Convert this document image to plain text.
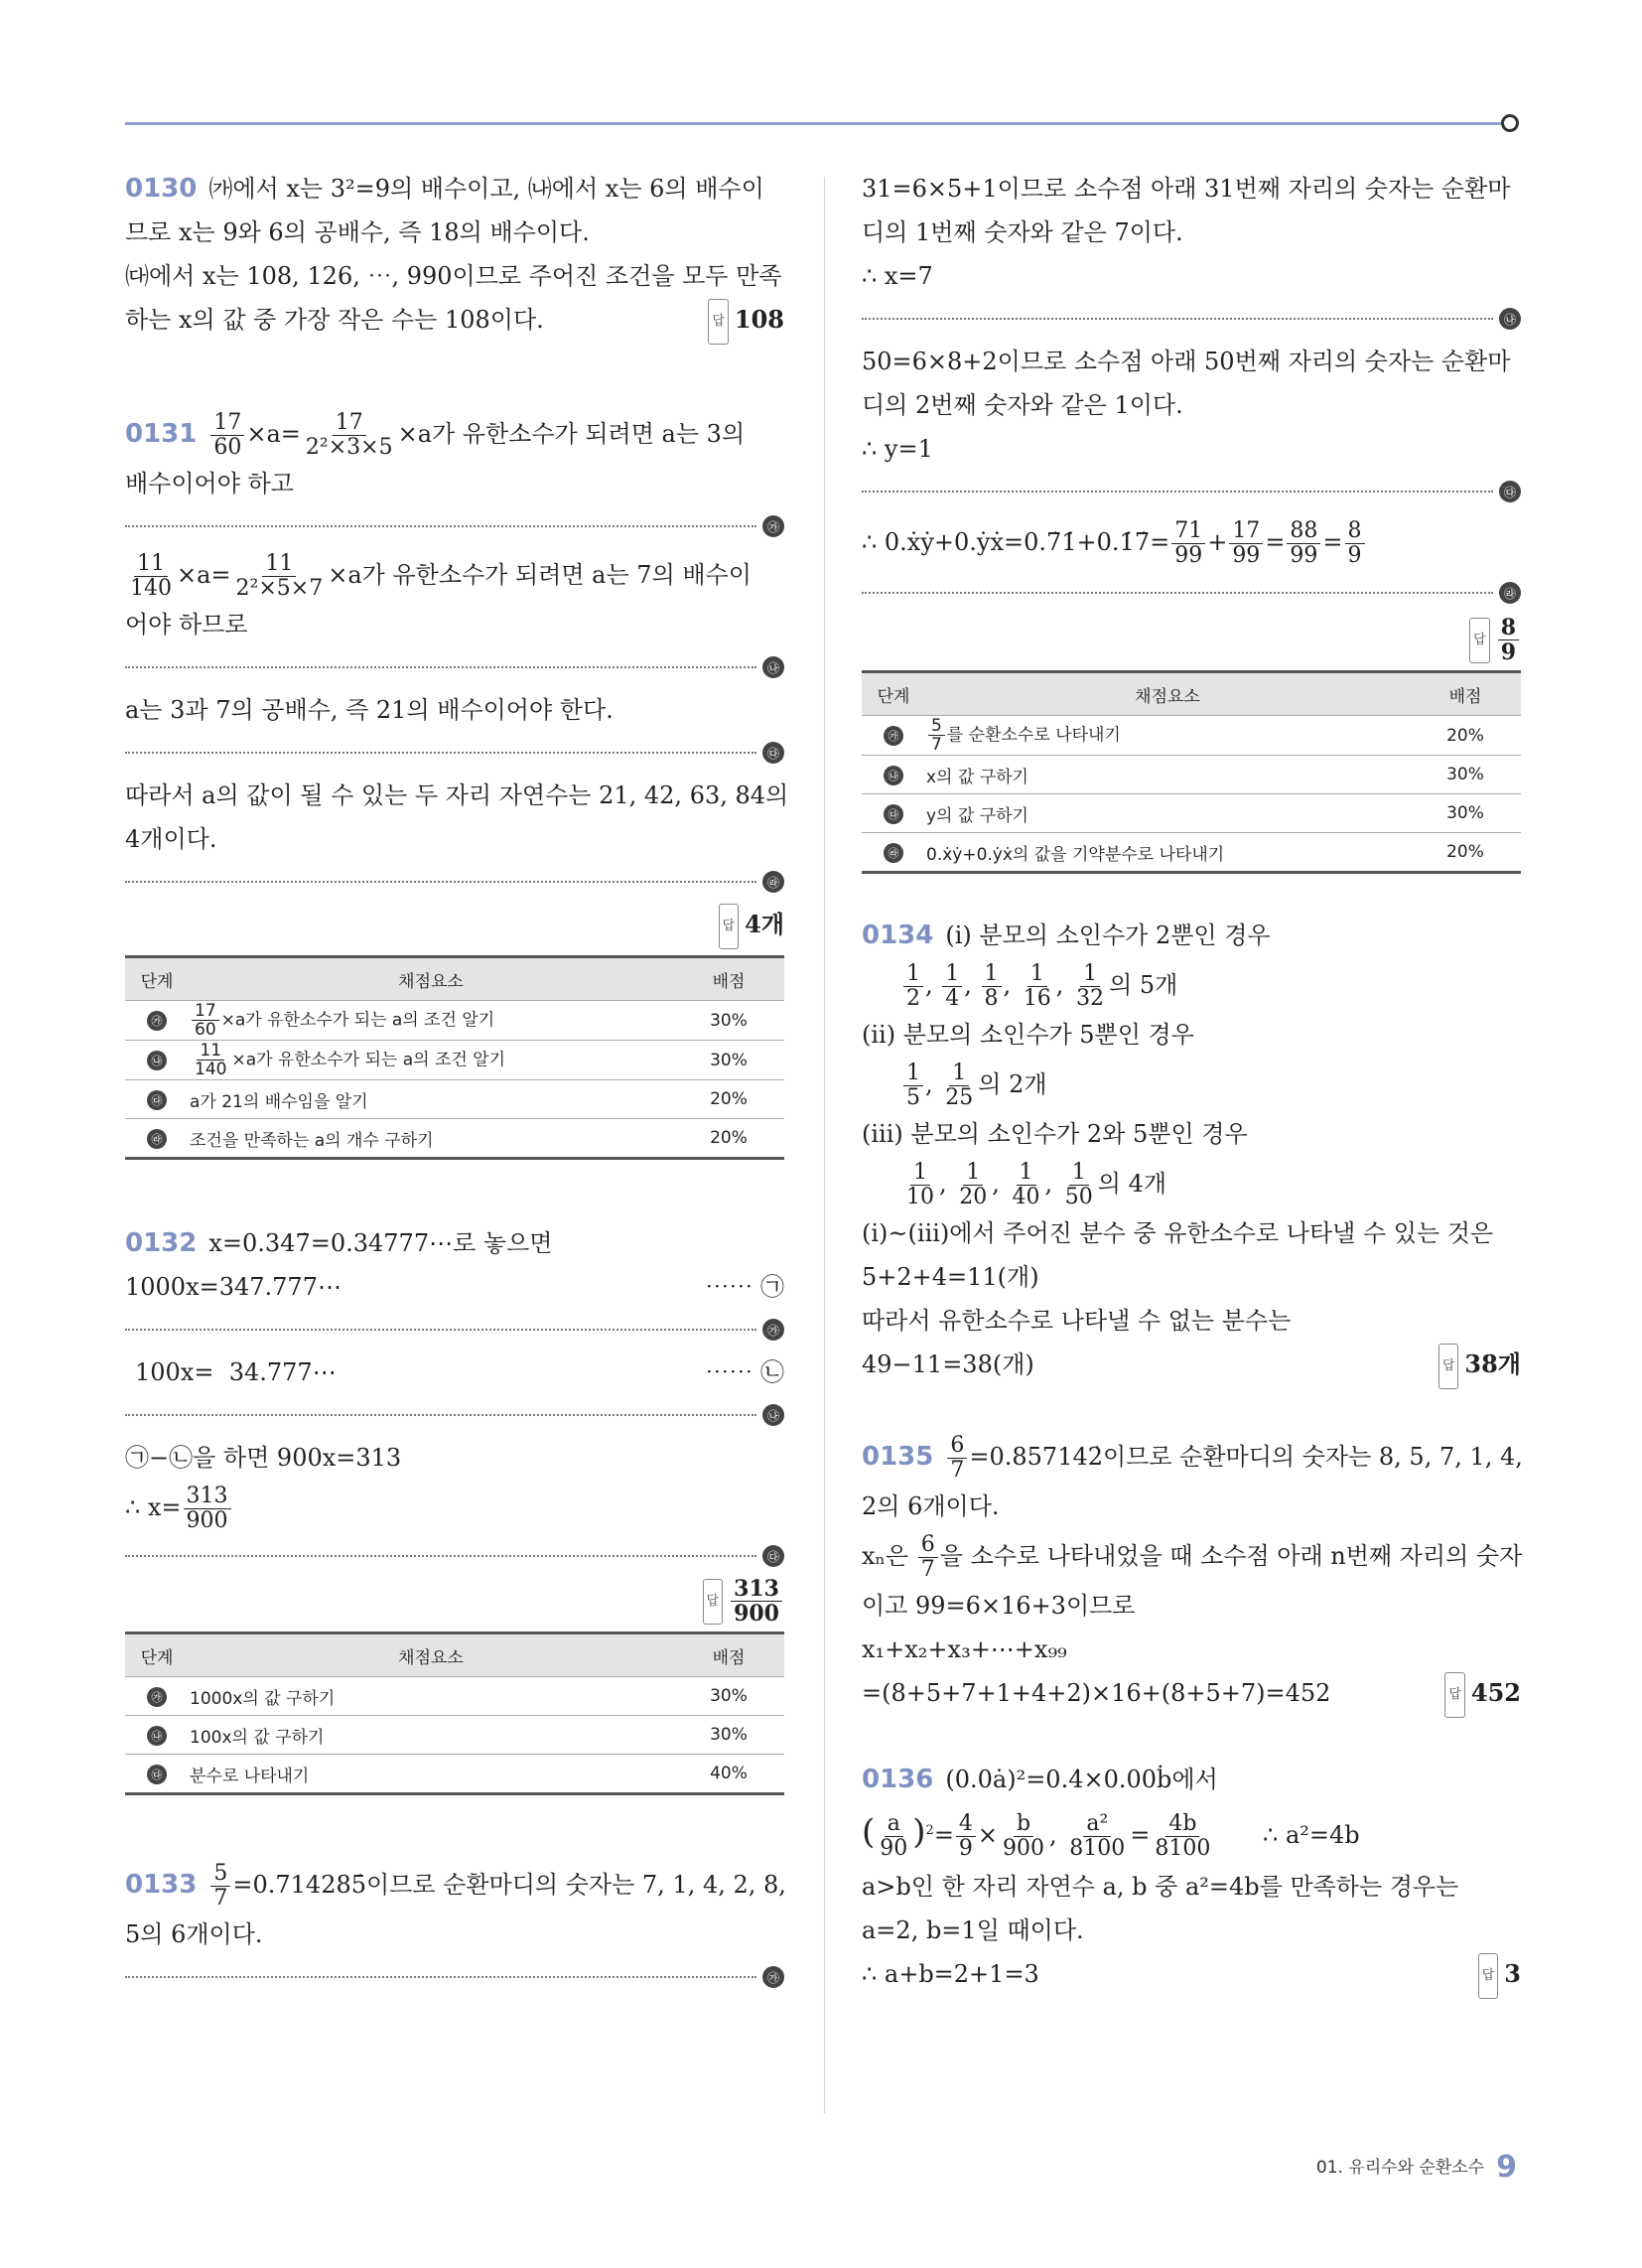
0130 ㈎에서 x는 3²=9의 배수이고, ㈏에서 x는 6의 배수이
므로 x는 9와 6의 공배수, 즉 18의 배수이다.
㈐에서 x는 108, 126, ⋯, 990이므로 주어진 조건을 모두 만족
하는 x의 값 중 가장 작은 수는 108이다.	답 108
$0131 \frac{17}{60} \times a= \frac{17}{\text{2²×3×5}} \times a$가 유한소수가 되려면 a는 3의
배수이어야 하고
㉮
$\frac{11}{140} \times a= \frac{11}{\text{2²×5×7}} \times a$가 유한소수가 되려면 a는 7의 배수이
어야 하므로
㉯
a는 3과 7의 공배수, 즉 21의 배수이어야 한다.
㉰
따라서 a의 값이 될 수 있는 두 자리 자연수는 21, 42, 63, 84의
4개이다.
㉱
답 4개
단계	채점요소	배점
㉮	$\frac{17}{60} \times a$가 유한소수가 되는 a의 조건 알기	30%
㉯	$\frac{11}{140} \times a$가 유한소수가 되는 a의 조건 알기	30%
㉰	a가 21의 배수임을 알기	20%
㉱	조건을 만족하는 a의 개수 구하기	20%
0132 x=0.347̇=0.34777⋯로 놓으면
1000x=347.777⋯	⋯⋯ ㉠
㉮
100x=  34.777⋯	⋯⋯ ㉡
㉯
㉠−㉡을 하면 900x=313
∴ $x= \frac{313}{900}$
㉰
답 $\frac{313}{900}$
단계	채점요소	배점
㉮	1000x의 값 구하기	30%
㉯	100x의 값 구하기	30%
㉰	분수로 나타내기	40%
$0133 \frac{5}{7}$ =0.714285̇이므로 순환마디의 숫자는 7, 1, 4, 2, 8,
5의 6개이다.
㉮
31=6×5+1이므로 소수점 아래 31번째 자리의 숫자는 순환마
디의 1번째 숫자와 같은 7이다.
∴ x=7
㉯
50=6×8+2이므로 소수점 아래 50번째 자리의 숫자는 순환마
디의 2번째 숫자와 같은 1이다.
∴ y=1
㉰
∴ 0.ẋẏ+0.ẏẋ=0.7̇1̇+0.1̇7̇= $\frac{71}{99} + \frac{17}{99} = \frac{88}{99} = \frac{8}{9}$
㉱
답 $\frac{8}{9}$
단계	채점요소	배점
㉮	$\frac{5}{7}$ 를 순환소수로 나타내기	20%
㉯	x의 값 구하기	30%
㉰	y의 값 구하기	30%
㉱	0.ẋẏ+0.ẏẋ의 값을 기약분수로 나타내기	20%
0134 (ⅰ) 분모의 소인수가 2뿐인 경우
$\frac{1}{2}$ , $\frac{1}{4}$ , $\frac{1}{8}$ , $\frac{1}{16}$ , $\frac{1}{32}$ 의 5개
(ⅱ) 분모의 소인수가 5뿐인 경우
$\frac{1}{5}$ , $\frac{1}{25}$ 의 2개
(ⅲ) 분모의 소인수가 2와 5뿐인 경우
$\frac{1}{10}$ , $\frac{1}{20}$ , $\frac{1}{40}$ , $\frac{1}{50}$ 의 4개
(ⅰ)~(ⅲ)에서 주어진 분수 중 유한소수로 나타낼 수 있는 것은
5+2+4=11(개)
따라서 유한소수로 나타낼 수 없는 분수는
49−11=38(개)	답 38개
$0135 \frac{6}{7}$ =0.857142̇이므로 순환마디의 숫자는 8, 5, 7, 1, 4,
2의 6개이다.
xₙ은 $\frac{6}{7}$ 을 소수로 나타내었을 때 소수점 아래 n번째 자리의 숫자
이고 99=6×16+3이므로
x₁+x₂+x₃+⋯+x₉₉
=(8+5+7+1+4+2)×16+(8+5+7)=452	답 452
0136 (0.0ȧ)²=0.4̇×0.00ḃ에서
( $\frac{a}{90} )^2= \frac{4}{9} \times \frac{b}{900}$ , $\frac{\text{a²}}{8100} = \frac{4b}{8100}$ ∴ a²=4b
a>b인 한 자리 자연수 a, b 중 a²=4b를 만족하는 경우는
a=2, b=1일 때이다.
∴ a+b=2+1=3	답 3
01. 유리수와 순환소수 9
